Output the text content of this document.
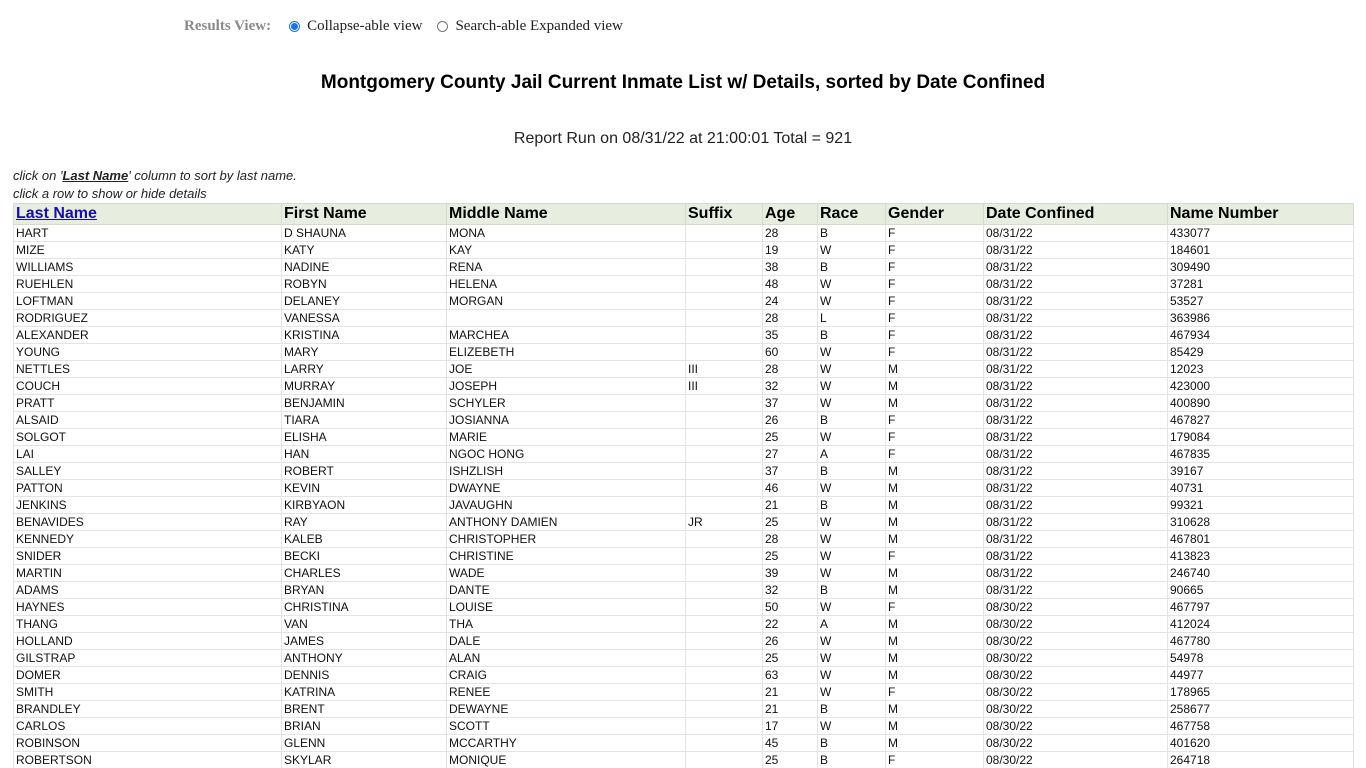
Results View: Collapse-able view Search-able Expanded view
Montgomery County Jail Current Inmate List w/ Details, sorted by Date Confined
Report Run on 08/31/22 at 21:00:01 Total = 921
click on 'Last Name' column to sort by last name.
click a row to show or hide details
Last Name	First Name	Middle Name	Suffix	Age	Race	Gender	Date Confined	Name Number
HART	D SHAUNA	MONA		28	B	F	08/31/22	433077
MIZE	KATY	KAY		19	W	F	08/31/22	184601
WILLIAMS	NADINE	RENA		38	B	F	08/31/22	309490
RUEHLEN	ROBYN	HELENA		48	W	F	08/31/22	37281
LOFTMAN	DELANEY	MORGAN		24	W	F	08/31/22	53527
RODRIGUEZ	VANESSA			28	L	F	08/31/22	363986
ALEXANDER	KRISTINA	MARCHEA		35	B	F	08/31/22	467934
YOUNG	MARY	ELIZEBETH		60	W	F	08/31/22	85429
NETTLES	LARRY	JOE	III	28	W	M	08/31/22	12023
COUCH	MURRAY	JOSEPH	III	32	W	M	08/31/22	423000
PRATT	BENJAMIN	SCHYLER		37	W	M	08/31/22	400890
ALSAID	TIARA	JOSIANNA		26	B	F	08/31/22	467827
SOLGOT	ELISHA	MARIE		25	W	F	08/31/22	179084
LAI	HAN	NGOC HONG		27	A	F	08/31/22	467835
SALLEY	ROBERT	ISHZLISH		37	B	M	08/31/22	39167
PATTON	KEVIN	DWAYNE		46	W	M	08/31/22	40731
JENKINS	KIRBYAON	JAVAUGHN		21	B	M	08/31/22	99321
BENAVIDES	RAY	ANTHONY DAMIEN	JR	25	W	M	08/31/22	310628
KENNEDY	KALEB	CHRISTOPHER		28	W	M	08/31/22	467801
SNIDER	BECKI	CHRISTINE		25	W	F	08/31/22	413823
MARTIN	CHARLES	WADE		39	W	M	08/31/22	246740
ADAMS	BRYAN	DANTE		32	B	M	08/31/22	90665
HAYNES	CHRISTINA	LOUISE		50	W	F	08/30/22	467797
THANG	VAN	THA		22	A	M	08/30/22	412024
HOLLAND	JAMES	DALE		26	W	M	08/30/22	467780
GILSTRAP	ANTHONY	ALAN		25	W	M	08/30/22	54978
DOMER	DENNIS	CRAIG		63	W	M	08/30/22	44977
SMITH	KATRINA	RENEE		21	W	F	08/30/22	178965
BRANDLEY	BRENT	DEWAYNE		21	B	M	08/30/22	258677
CARLOS	BRIAN	SCOTT		17	W	M	08/30/22	467758
ROBINSON	GLENN	MCCARTHY		45	B	M	08/30/22	401620
ROBERTSON	SKYLAR	MONIQUE		25	B	F	08/30/22	264718
